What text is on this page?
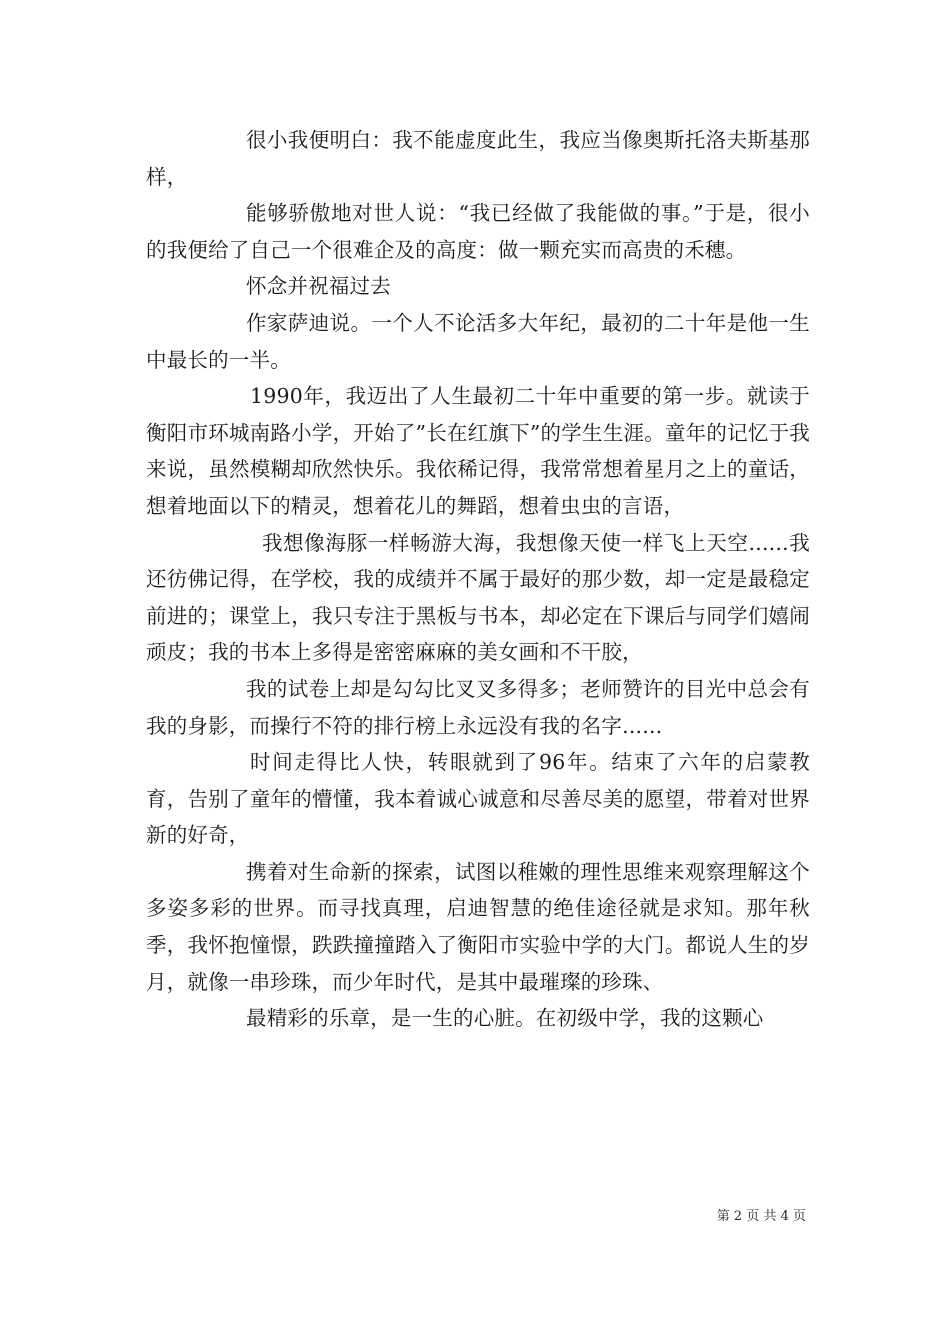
很小我便明白：我不能虚度此生，我应当像奥斯托洛夫斯基那样，

能够骄傲地对世人说：“我已经做了我能做的事。”于是，很小的我便给了自己一个很难企及的高度：做一颗充实而高贵的禾穗。

怀念并祝福过去

作家萨迪说。一个人不论活多大年纪，最初的二十年是他一生中最长的一半。

1990年，我迈出了人生最初二十年中重要的第一步。就读于衡阳市环城南路小学，开始了”长在红旗下”的学生生涯。童年的记忆于我来说，虽然模糊却欣然快乐。我依稀记得，我常常想着星月之上的童话，想着地面以下的精灵，想着花儿的舞蹈，想着虫虫的言语，

我想像海豚一样畅游大海，我想像天使一样飞上天空......我还彷佛记得，在学校，我的成绩并不属于最好的那少数，却一定是最稳定前进的；课堂上，我只专注于黑板与书本，却必定在下课后与同学们嬉闹顽皮；我的书本上多得是密密麻麻的美女画和不干胶，

我的试卷上却是勾勾比叉叉多得多；老师赞许的目光中总会有我的身影，而操行不符的排行榜上永远没有我的名字......

时间走得比人快，转眼就到了96年。结束了六年的启蒙教育，告别了童年的懵懂，我本着诚心诚意和尽善尽美的愿望，带着对世界新的好奇，

携着对生命新的探索，试图以稚嫩的理性思维来观察理解这个多姿多彩的世界。而寻找真理，启迪智慧的绝佳途径就是求知。那年秋季，我怀抱憧憬，跌跌撞撞踏入了衡阳市实验中学的大门。都说人生的岁月，就像一串珍珠，而少年时代，是其中最璀璨的珍珠、

最精彩的乐章，是一生的心脏。在初级中学，我的这颗心

第 2 页 共 4 页
